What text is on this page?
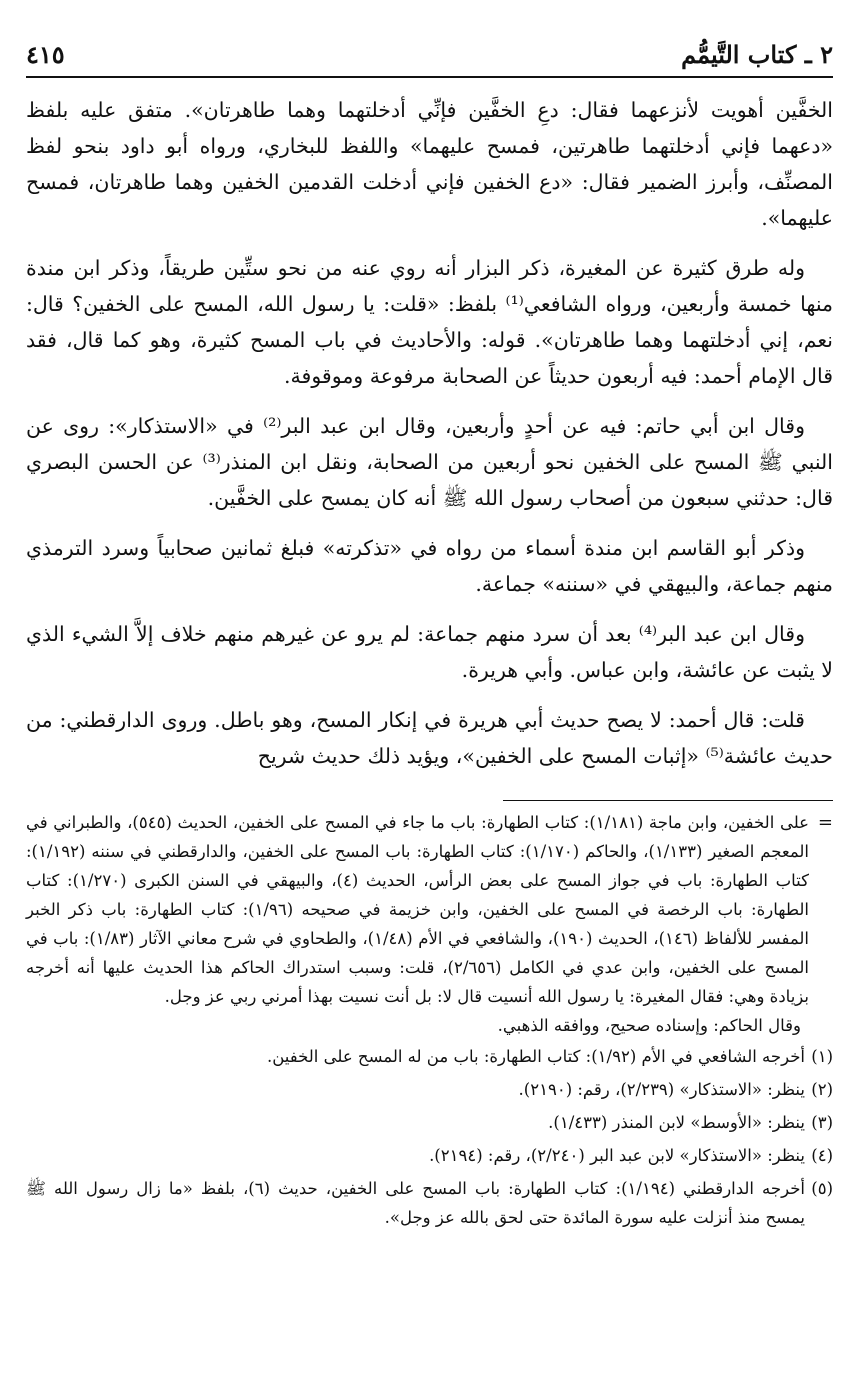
٢ ـ كتاب التَّيمُّم
٤١٥

الخفَّين أهويت لأنزعهما فقال: دعِ الخفَّين فإنِّي أدخلتهما وهما طاهرتان». متفق عليه بلفظ «دعهما فإني أدخلتهما طاهرتين، فمسح عليهما» واللفظ للبخاري، ورواه أبو داود بنحو لفظ المصنِّف، وأبرز الضمير فقال: «دع الخفين فإني أدخلت القدمين الخفين وهما طاهرتان، فمسح عليهما».

وله طرق كثيرة عن المغيرة، ذكر البزار أنه روي عنه من نحو ستِّين طريقاً، وذكر ابن مندة منها خمسة وأربعين، ورواه الشافعي⁽¹⁾ بلفظ: «قلت: يا رسول الله، المسح على الخفين؟ قال: نعم، إني أدخلتهما وهما طاهرتان». قوله: والأحاديث في باب المسح كثيرة، وهو كما قال، فقد قال الإمام أحمد: فيه أربعون حديثاً عن الصحابة مرفوعة وموقوفة.

وقال ابن أبي حاتم: فيه عن أحدٍ وأربعين، وقال ابن عبد البر⁽²⁾ في «الاستذكار»: روى عن النبي ﷺ المسح على الخفين نحو أربعين من الصحابة، ونقل ابن المنذر⁽³⁾ عن الحسن البصري قال: حدثني سبعون من أصحاب رسول الله ﷺ أنه كان يمسح على الخفَّين.

وذكر أبو القاسم ابن مندة أسماء من رواه في «تذكرته» فبلغ ثمانين صحابياً وسرد الترمذي منهم جماعة، والبيهقي في «سننه» جماعة.

وقال ابن عبد البر⁽⁴⁾ بعد أن سرد منهم جماعة: لم يرو عن غيرهم منهم خلاف إلاَّ الشيء الذي لا يثبت عن عائشة، وابن عباس. وأبي هريرة.

قلت: قال أحمد: لا يصح حديث أبي هريرة في إنكار المسح، وهو باطل. وروى الدارقطني: من حديث عائشة⁽⁵⁾ «إثبات المسح على الخفين»، ويؤيد ذلك حديث شريح

=

على الخفين، وابن ماجة (١/١٨١): كتاب الطهارة: باب ما جاء في المسح على الخفين، الحديث (٥٤٥)، والطبراني في المعجم الصغير (١/١٣٣)، والحاكم (١/١٧٠): كتاب الطهارة: باب المسح على الخفين، والدارقطني في سننه (١/١٩٢): كتاب الطهارة: باب في جواز المسح على بعض الرأس، الحديث (٤)، والبيهقي في السنن الكبرى (١/٢٧٠): كتاب الطهارة: باب الرخصة في المسح على الخفين، وابن خزيمة في صحيحه (١/٩٦): كتاب الطهارة: باب ذكر الخبر المفسر للألفاظ (١٤٦)، الحديث (١٩٠)، والشافعي في الأم (١/٤٨)، والطحاوي في شرح معاني الآثار (١/٨٣): باب في المسح على الخفين، وابن عدي في الكامل (٢/٦٥٦)، قلت: وسبب استدراك الحاكم هذا الحديث عليها أنه أخرجه بزيادة وهي: فقال المغيرة: يا رسول الله أنسيت قال لا: بل أنت نسيت بهذا أمرني ربي عز وجل.

وقال الحاكم: وإسناده صحيح، ووافقه الذهبي.

(١)
أخرجه الشافعي في الأم (١/٩٢): كتاب الطهارة: باب من له المسح على الخفين.
(٢)
ينظر: «الاستذكار» (٢/٢٣٩)، رقم: (٢١٩٠).
(٣)
ينظر: «الأوسط» لابن المنذر (١/٤٣٣).
(٤)
ينظر: «الاستذكار» لابن عبد البر (٢/٢٤٠)، رقم: (٢١٩٤).
(٥)
أخرجه الدارقطني (١/١٩٤): كتاب الطهارة: باب المسح على الخفين، حديث (٦)، بلفظ «ما زال رسول الله ﷺ يمسح منذ أنزلت عليه سورة المائدة حتى لحق بالله عز وجل».
